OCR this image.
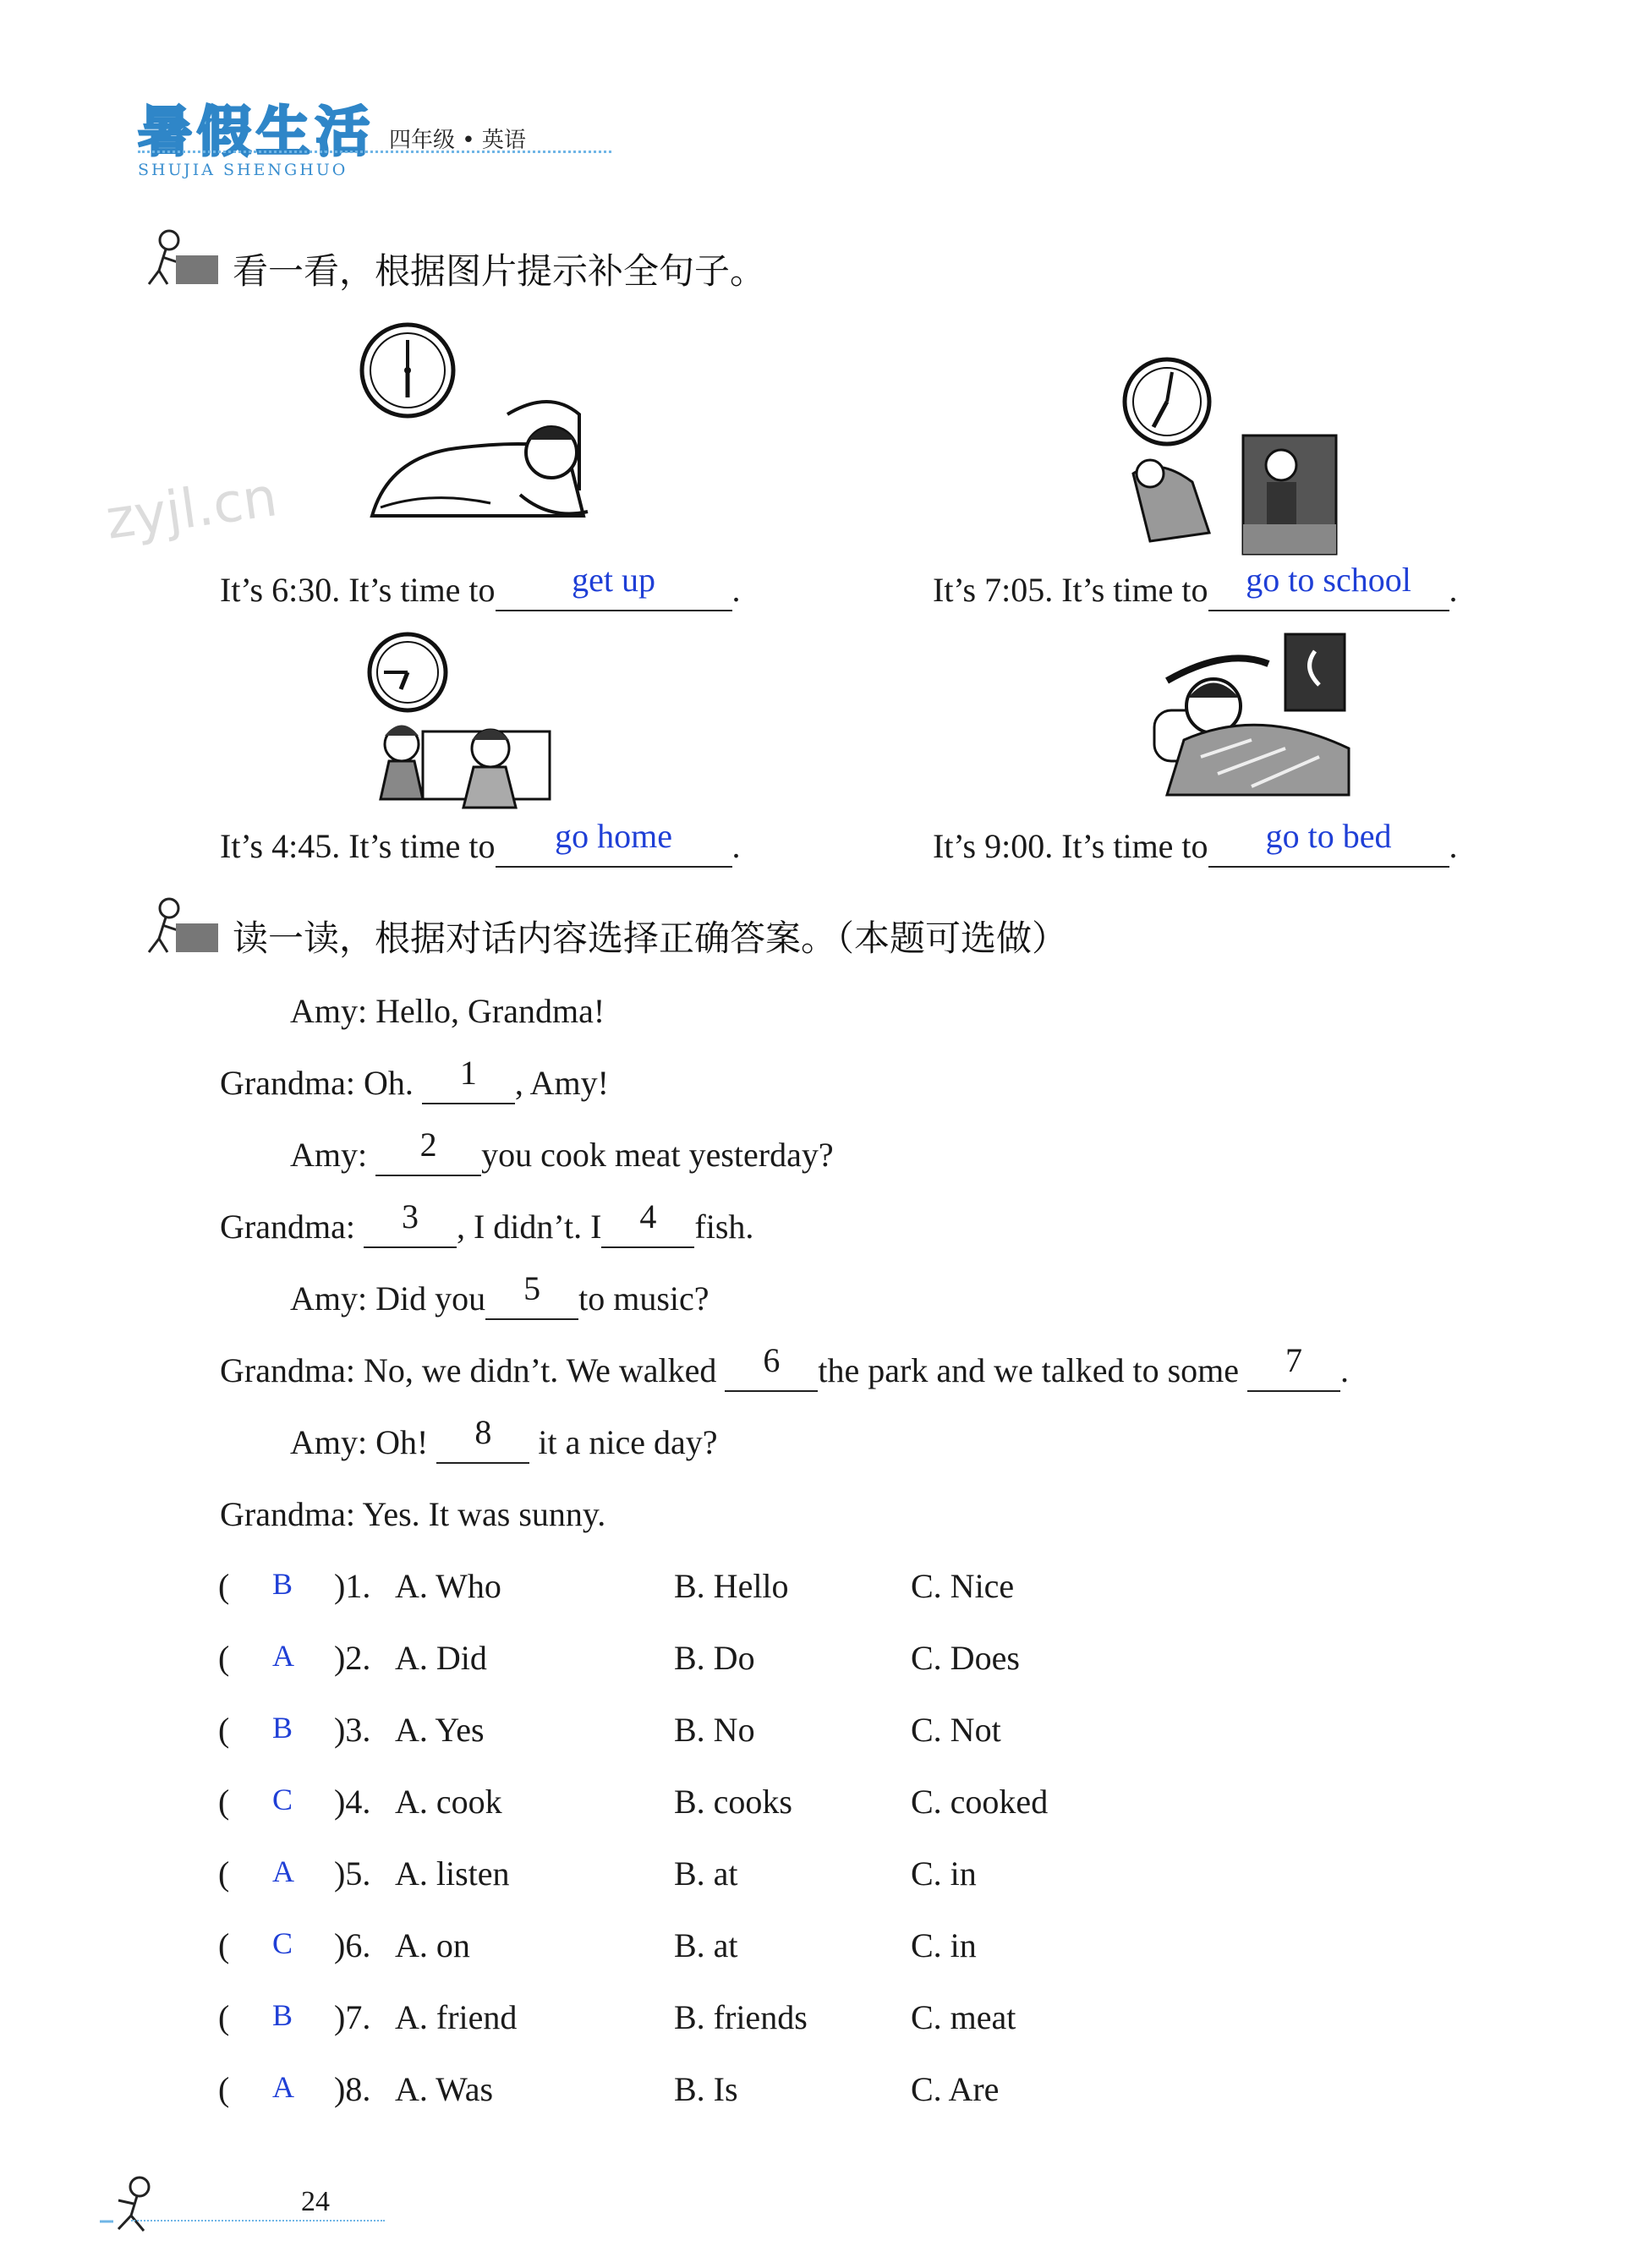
暑假生活 四年级 • 英语
SHUJIA SHENGHUO
看一看，根据图片提示补全句子。
zyjl.cn
It’s 6:30. It’s time to get up .	It’s 7:05. It’s time to go to school .
It’s 4:45. It’s time to go home .	It’s 9:00. It’s time to go to bed .
读一读，根据对话内容选择正确答案。（本题可选做）
Amy: Hello, Grandma!
Grandma: Oh. 1 , Amy!
Amy: 2 you cook meat yesterday?
Grandma: 3 , I didn’t. I 4 fish.
Amy: Did you 5 to music?
Grandma: No, we didn’t. We walked 6 the park and we talked to some 7 .
Amy: Oh! 8 it a nice day?
Grandma: Yes. It was sunny.
( B )1. A. Who	B. Hello	C. Nice
( A )2. A. Did	B. Do	C. Does
( B )3. A. Yes	B. No	C. Not
( C )4. A. cook	B. cooks	C. cooked
( A )5. A. listen	B. at	C. in
( C )6. A. on	B. at	C. in
( B )7. A. friend	B. friends	C. meat
( A )8. A. Was	B. Is	C. Are
24
